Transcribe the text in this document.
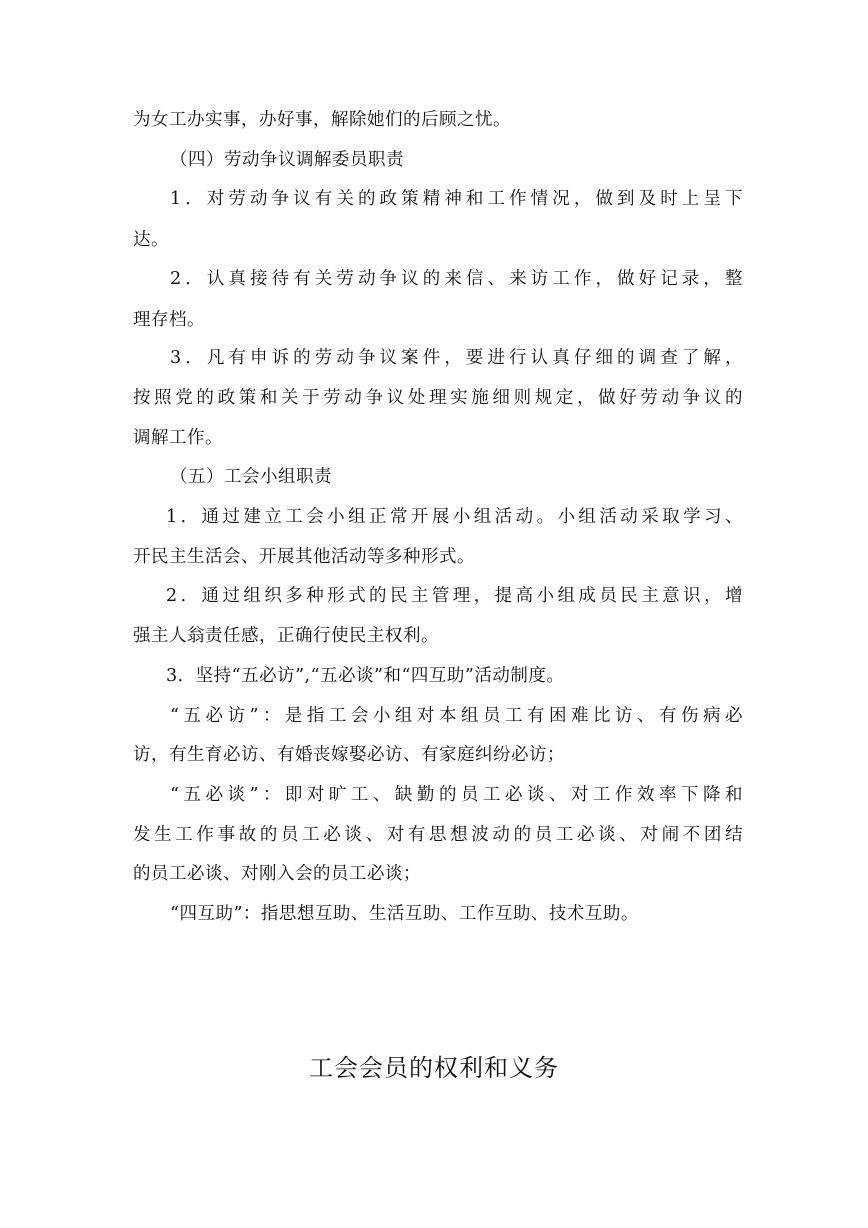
为女工办实事，办好事，解除她们的后顾之忧。
（四）劳动争议调解委员职责
1．对劳动争议有关的政策精神和工作情况，做到及时上呈下
达。
2．认真接待有关劳动争议的来信、来访工作，做好记录，整
理存档。
3．凡有申诉的劳动争议案件，要进行认真仔细的调查了解，
按照党的政策和关于劳动争议处理实施细则规定，做好劳动争议的
调解工作。
（五）工会小组职责
1．通过建立工会小组正常开展小组活动。小组活动采取学习、
开民主生活会、开展其他活动等多种形式。
2．通过组织多种形式的民主管理，提高小组成员民主意识，增
强主人翁责任感，正确行使民主权利。
3．坚持“五必访”,“五必谈”和“四互助”活动制度。
“五必访”：是指工会小组对本组员工有困难比访、有伤病必
访，有生育必访、有婚丧嫁娶必访、有家庭纠纷必访；
“五必谈”：即对旷工、缺勤的员工必谈、对工作效率下降和
发生工作事故的员工必谈、对有思想波动的员工必谈、对闹不团结
的员工必谈、对刚入会的员工必谈；
“四互助”：指思想互助、生活互助、工作互助、技术互助。
工会会员的权利和义务
